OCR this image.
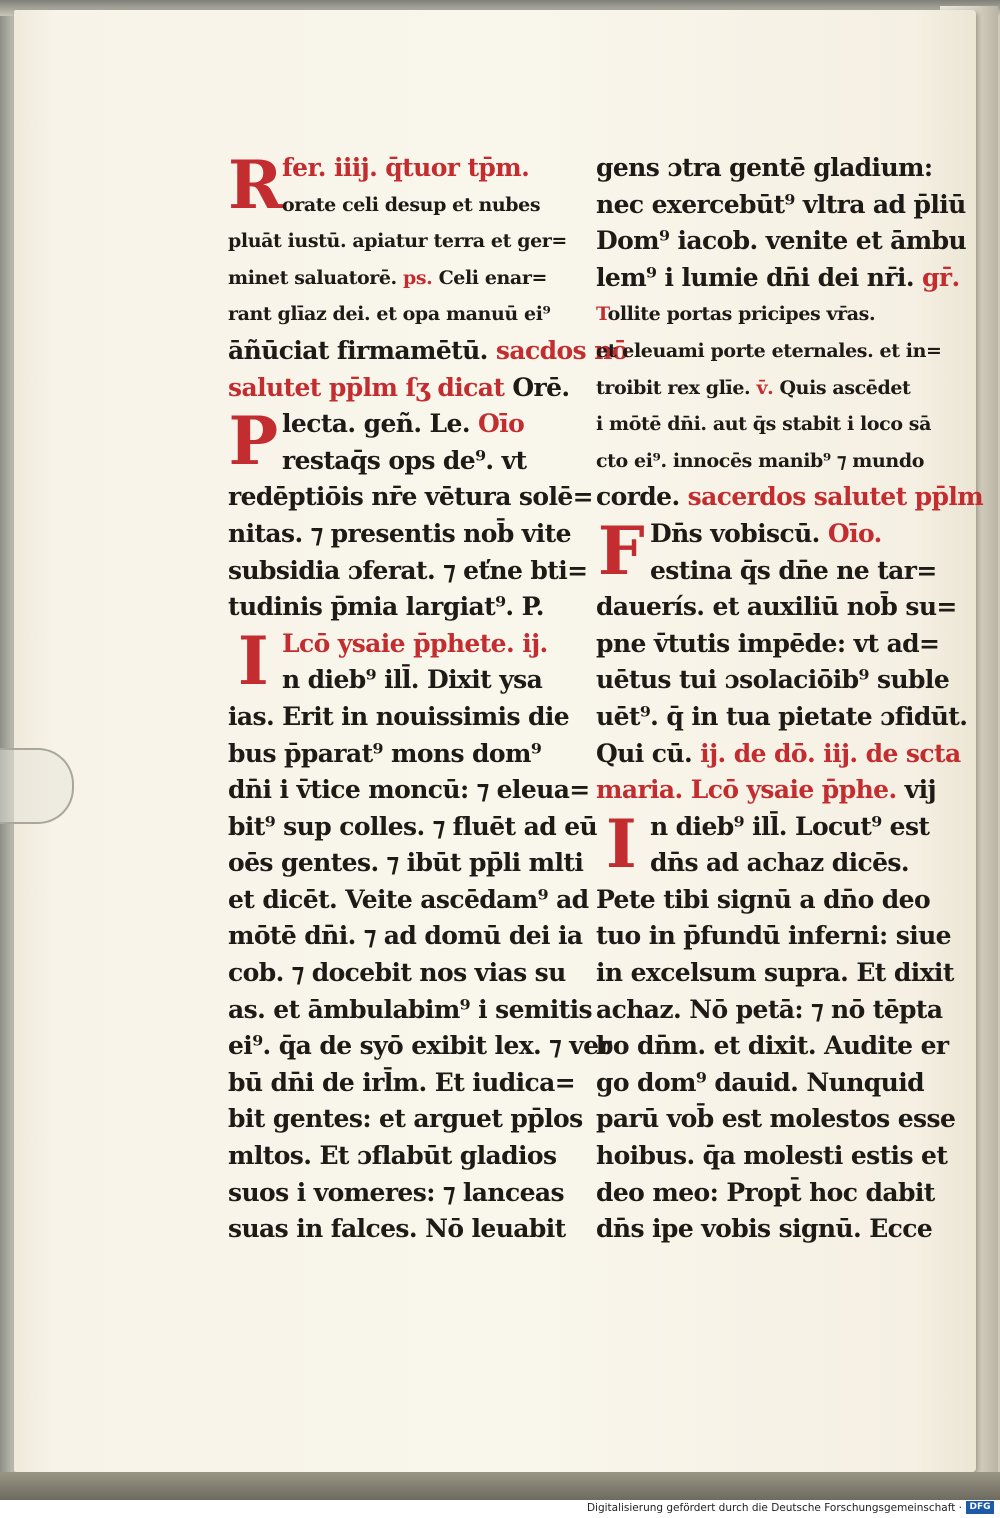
Rfer. iiij. q̄tuor tp̄m.
orate celi desup et nubes
pluāt iustū. apiatur terra et ger=
minet saluatorē. ps. Celi enar=
rant glīaz dei. et opa manuū ei⁹
āñūciat firmamētū. sacdos nō
salutet pp̄lm ſʒ dicat Orē.
Plecta. geñ. Le. Oīo
restaq̄s ops de⁹. vt
redēptiōis nr̄e vētura solē=
nitas. ⁊ presentis nob̄ vite
subsidia ɔferat. ⁊ eťne bti=
tudinis p̄mia largiat⁹. P.
I Lcō ysaie p̄phete. ij.
n dieb⁹ ill̄. Dixit ysa
ias. Erit in nouissimis die
bus p̄parat⁹ mons dom⁹
dn̄i i v̄tice moncū: ⁊ eleua=
bit⁹ sup colles. ⁊ fluēt ad eū
oēs gentes. ⁊ ibūt pp̄li mlti
et dicēt. Veite ascēdam⁹ ad
mōtē dn̄i. ⁊ ad domū dei ia
cob. ⁊ docebit nos vias su
as. et āmbulabim⁹ i semitis
ei⁹. q̄a de syō exibit lex. ⁊ ver
bū dn̄i de irl̄m. Et iudica=
bit gentes: et arguet pp̄los
mltos. Et ɔflabūt gladios
suos i vomeres: ⁊ lanceas
suas in falces. Nō leuabit
gens ɔtra gentē gladium:
nec exercebūt⁹ vltra ad p̄liū
Dom⁹ iacob. venite et āmbu
lem⁹ i lumie dn̄i dei nr̄i. gr̄.
Tollite portas pricipes vr̄as.
et eleuami porte eternales. et in=
troibit rex glīe. v̄. Quis ascēdet
i mōtē dn̄i. aut q̄s stabit i loco sā
cto ei⁹. innocēs manib⁹ ⁊ mundo
corde. sacerdos salutet pp̄lm
F Dn̄s vobiscū. Oīo.
estina q̄s dn̄e ne tar=
dauerís. et auxiliū nob̄ su=
pne v̄tutis impēde: vt ad=
uētus tui ɔsolaciōib⁹ suble
uēt⁹. q̄ in tua pietate ɔfidūt.
Qui cū. ij. de dō. iij. de scta
maria. Lcō ysaie p̄phe. vij
In dieb⁹ ill̄. Locut⁹ est
dn̄s ad achaz dicēs.
Pete tibi signū a dn̄o deo
tuo in p̄fundū inferni: siue
in excelsum supra. Et dixit
achaz. Nō petā: ⁊ nō tēpta
bo dn̄m. et dixit. Audite er
go dom⁹ dauid. Nunquid
parū vob̄ est molestos esse
hoibus. q̄a molesti estis et
deo meo: Propt̄ hoc dabit
dn̄s ipe vobis signū. Ecce
Digitalisierung gefördert durch die Deutsche Forschungsgemeinschaft · DFG
